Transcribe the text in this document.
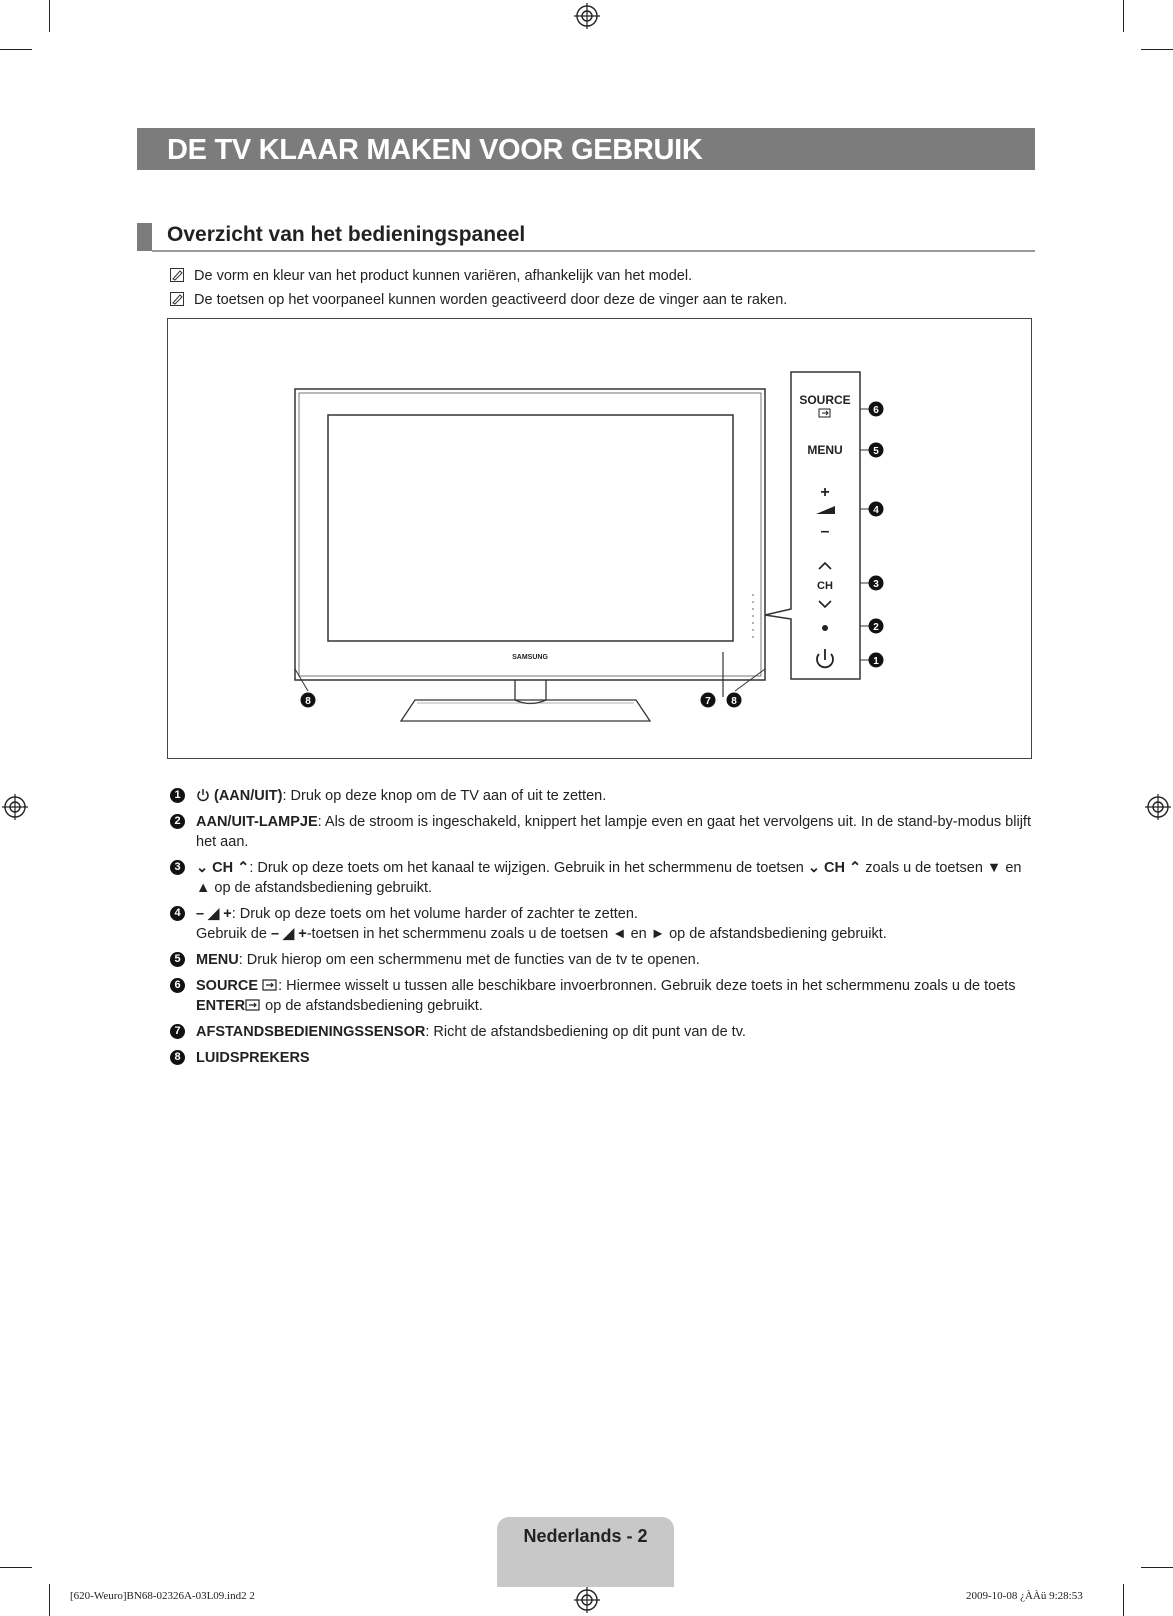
DE TV KLAAR MAKEN VOOR GEBRUIK
Overzicht van het bedieningspaneel
De vorm en kleur van het product kunnen variëren, afhankelijk van het model.
De toetsen op het voorpaneel kunnen worden geactiveerd door deze de vinger aan te raken.
SAMSUNG
SOURCE
MENU
+
–
CH
6
5
4
3
2
1
8	7 8
1	(AAN/UIT): Druk op deze knop om de TV aan of uit te zetten.
2	AAN/UIT-LAMPJE: Als de stroom is ingeschakeld, knippert het lampje even en gaat het vervolgens uit. In de stand-by-modus blijft het aan.
3	⌄ CH ⌃: Druk op deze toets om het kanaal te wijzigen. Gebruik in het schermmenu de toetsen ⌄ CH ⌃ zoals u de toetsen ▼ en ▲ op de afstandsbediening gebruikt.
4	– ◢ +: Druk op deze toets om het volume harder of zachter te zetten.
Gebruik de – ◢ +-toetsen in het schermmenu zoals u de toetsen ◄ en ► op de afstandsbediening gebruikt.
5	MENU: Druk hierop om een schermmenu met de functies van de tv te openen.
6	SOURCE : Hiermee wisselt u tussen alle beschikbare invoerbronnen. Gebruik deze toets in het schermmenu zoals u de toets ENTER op de afstandsbediening gebruikt.
7	AFSTANDSBEDIENINGSSENSOR: Richt de afstandsbediening op dit punt van de tv.
8	LUIDSPREKERS
Nederlands - 2
[620-Weuro]BN68-02326A-03L09.ind2 2	2009-10-08 ¿ÀÀü 9:28:53
